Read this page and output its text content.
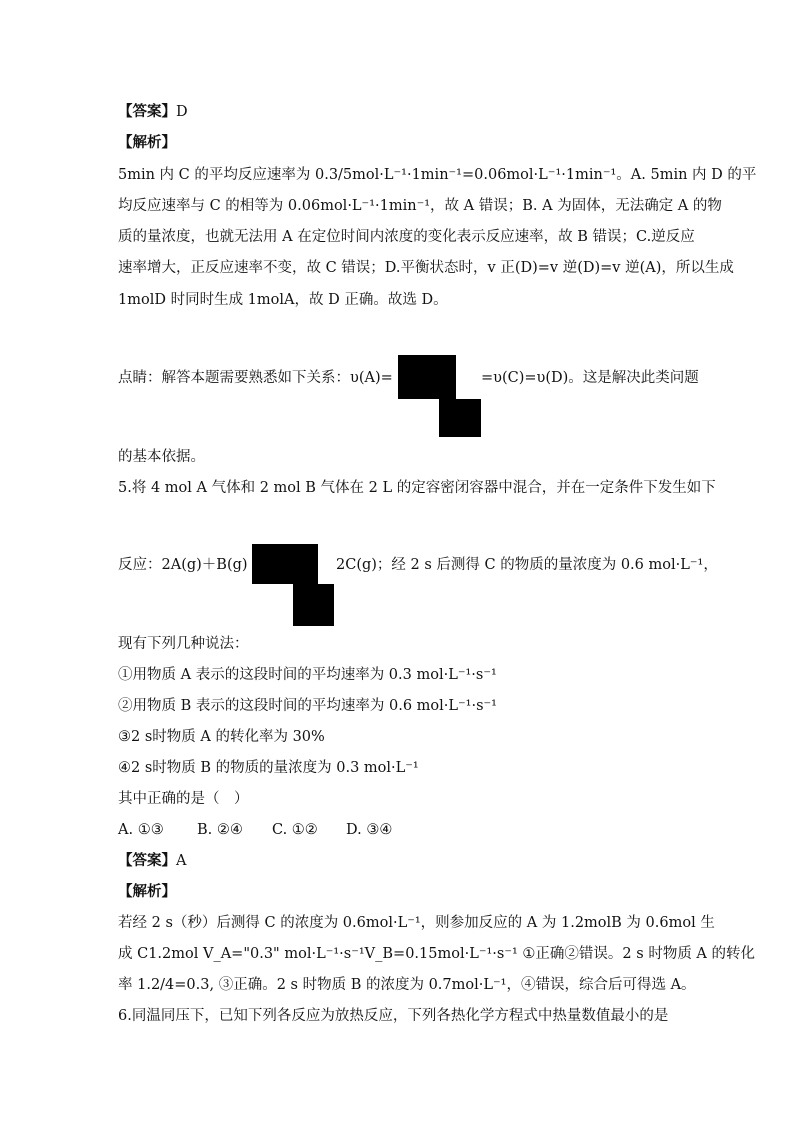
【答案】D
【解析】
5min 内 C 的平均反应速率为 0.3/5mol·L⁻¹·1min⁻¹=0.06mol·L⁻¹·1min⁻¹。A. 5min 内 D 的平
均反应速率与 C 的相等为 0.06mol·L⁻¹·1min⁻¹，故 A 错误；B. A 为固体，无法确定 A 的物
质的量浓度，也就无法用 A 在定位时间内浓度的变化表示反应速率，故 B 错误；C.逆反应
速率增大，正反应速率不变，故 C 错误；D.平衡状态时，v 正(D)=v 逆(D)=v 逆(A)，所以生成
1molD 时同时生成 1molA，故 D 正确。故选 D。
点睛：解答本题需要熟悉如下关系：υ(A)=	=υ(C)=υ(D)。这是解决此类问题
的基本依据。
5.将 4 mol A 气体和 2 mol B 气体在 2 L 的定容密闭容器中混合，并在一定条件下发生如下
反应：2A(g)＋B(g)	2C(g)；经 2 s 后测得 C 的物质的量浓度为 0.6 mol·L⁻¹，
现有下列几种说法：
①用物质 A 表示的这段时间的平均速率为 0.3 mol·L⁻¹·s⁻¹
②用物质 B 表示的这段时间的平均速率为 0.6 mol·L⁻¹·s⁻¹
③2 s时物质 A 的转化率为 30%
④2 s时物质 B 的物质的量浓度为 0.3 mol·L⁻¹
其中正确的是（　）
A. ①③ B. ②④ C. ①② D. ③④
【答案】A
【解析】
若经 2 s（秒）后测得 C 的浓度为 0.6mol·L⁻¹，则参加反应的 A 为 1.2molB 为 0.6mol 生
成 C1.2mol V_A="0.3" mol·L⁻¹·s⁻¹V_B=0.15mol·L⁻¹·s⁻¹ ①正确②错误。2 s 时物质 A 的转化
率 1.2/4=0.3, ③正确。2 s 时物质 B 的浓度为 0.7mol·L⁻¹，④错误，综合后可得选 A。
6.同温同压下，已知下列各反应为放热反应，下列各热化学方程式中热量数值最小的是
